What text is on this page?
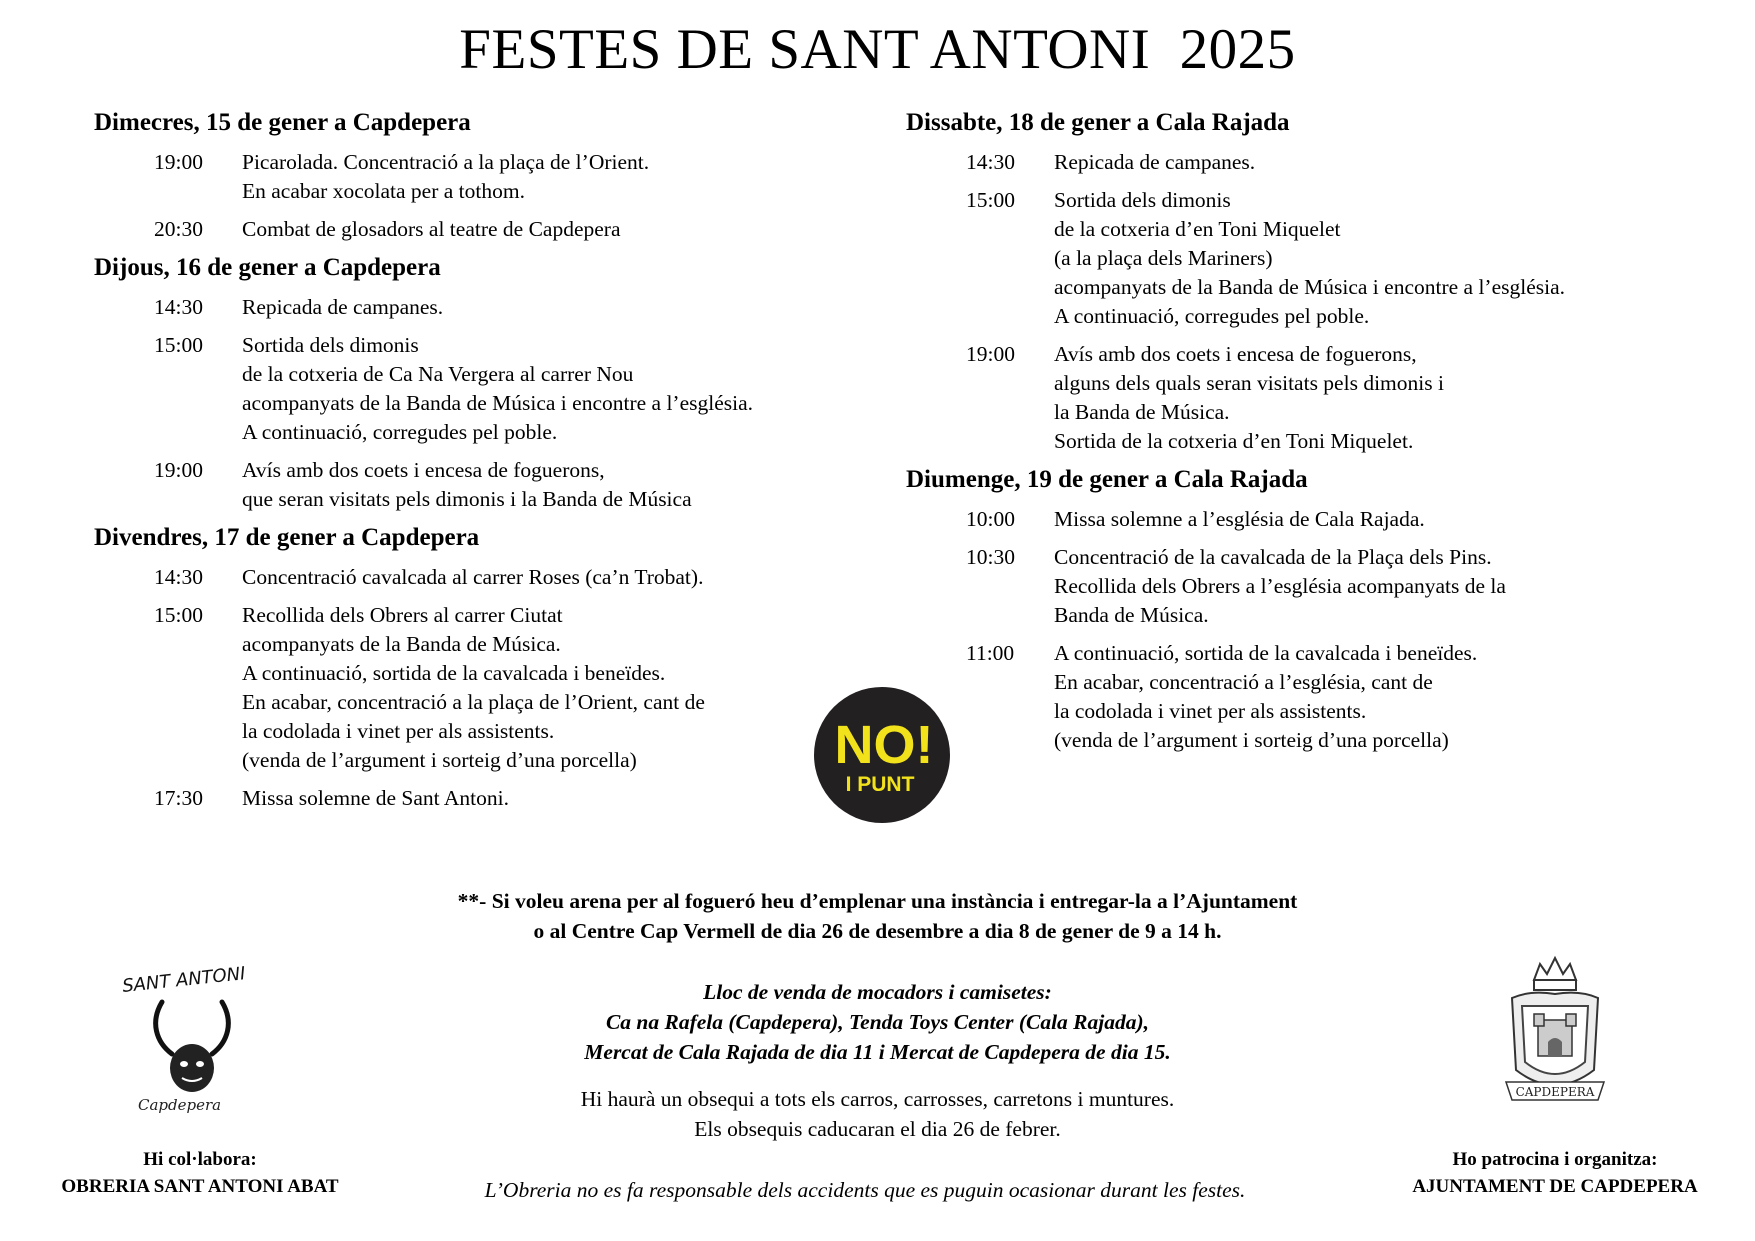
FESTES DE SANT ANTONI  2025
Dimecres, 15 de gener a Capdepera
19:00	Picarolada. Concentració a la plaça de l’Orient.
En acabar xocolata per a tothom.
20:30	Combat de glosadors al teatre de Capdepera
Dijous, 16 de gener a Capdepera
14:30	Repicada de campanes.
15:00	Sortida dels dimonis
de la cotxeria de Ca Na Vergera al carrer Nou
acompanyats de la Banda de Música i encontre a l’església.
A continuació, corregudes pel poble.
19:00	Avís amb dos coets i encesa de foguerons,
que seran visitats pels dimonis i la Banda de Música
Divendres, 17 de gener a Capdepera
14:30	Concentració cavalcada al carrer Roses (ca’n Trobat).
15:00	Recollida dels Obrers al carrer Ciutat
acompanyats de la Banda de Música.
A continuació, sortida de la cavalcada i beneïdes.
En acabar, concentració a la plaça de l’Orient, cant de
la codolada i vinet per als assistents.
(venda de l’argument i sorteig d’una porcella)
17:30	Missa solemne de Sant Antoni.
Dissabte, 18 de gener a Cala Rajada
14:30	Repicada de campanes.
15:00	Sortida dels dimonis
de la cotxeria d’en Toni Miquelet
(a la plaça dels Mariners)
acompanyats de la Banda de Música i encontre a l’església.
A continuació, corregudes pel poble.
19:00	Avís amb dos coets i encesa de foguerons,
alguns dels quals seran visitats pels dimonis i
la Banda de Música.
Sortida de la cotxeria d’en Toni Miquelet.
Diumenge, 19 de gener a Cala Rajada
10:00	Missa solemne a l’església de Cala Rajada.
10:30	Concentració de la cavalcada de la Plaça dels Pins.
Recollida dels Obrers a l’església acompanyats de la
Banda de Música.
11:00	A continuació, sortida de la cavalcada i beneïdes.
En acabar, concentració a l’església, cant de
la codolada i vinet per als assistents.
(venda de l’argument i sorteig d’una porcella)
NO!
I PUNT
**- Si voleu arena per al fogueró heu d’emplenar una instància i entregar-la a l’Ajuntament
o al Centre Cap Vermell de dia 26 de desembre a dia 8 de gener de 9 a 14 h.
Lloc de venda de mocadors i camisetes:
Ca na Rafela (Capdepera), Tenda Toys Center (Cala Rajada),
Mercat de Cala Rajada de dia 11 i Mercat de Capdepera de dia 15.
Hi haurà un obsequi a tots els carros, carrosses, carretons i muntures.
Els obsequis caducaran el dia 26 de febrer.
L’Obreria no es fa responsable dels accidents que es puguin ocasionar durant les festes.
Hi col·labora:
OBRERIA SANT ANTONI ABAT
Ho patrocina i organitza:
AJUNTAMENT DE CAPDEPERA
SANT ANTONI
Capdepera
CAPDEPERA
